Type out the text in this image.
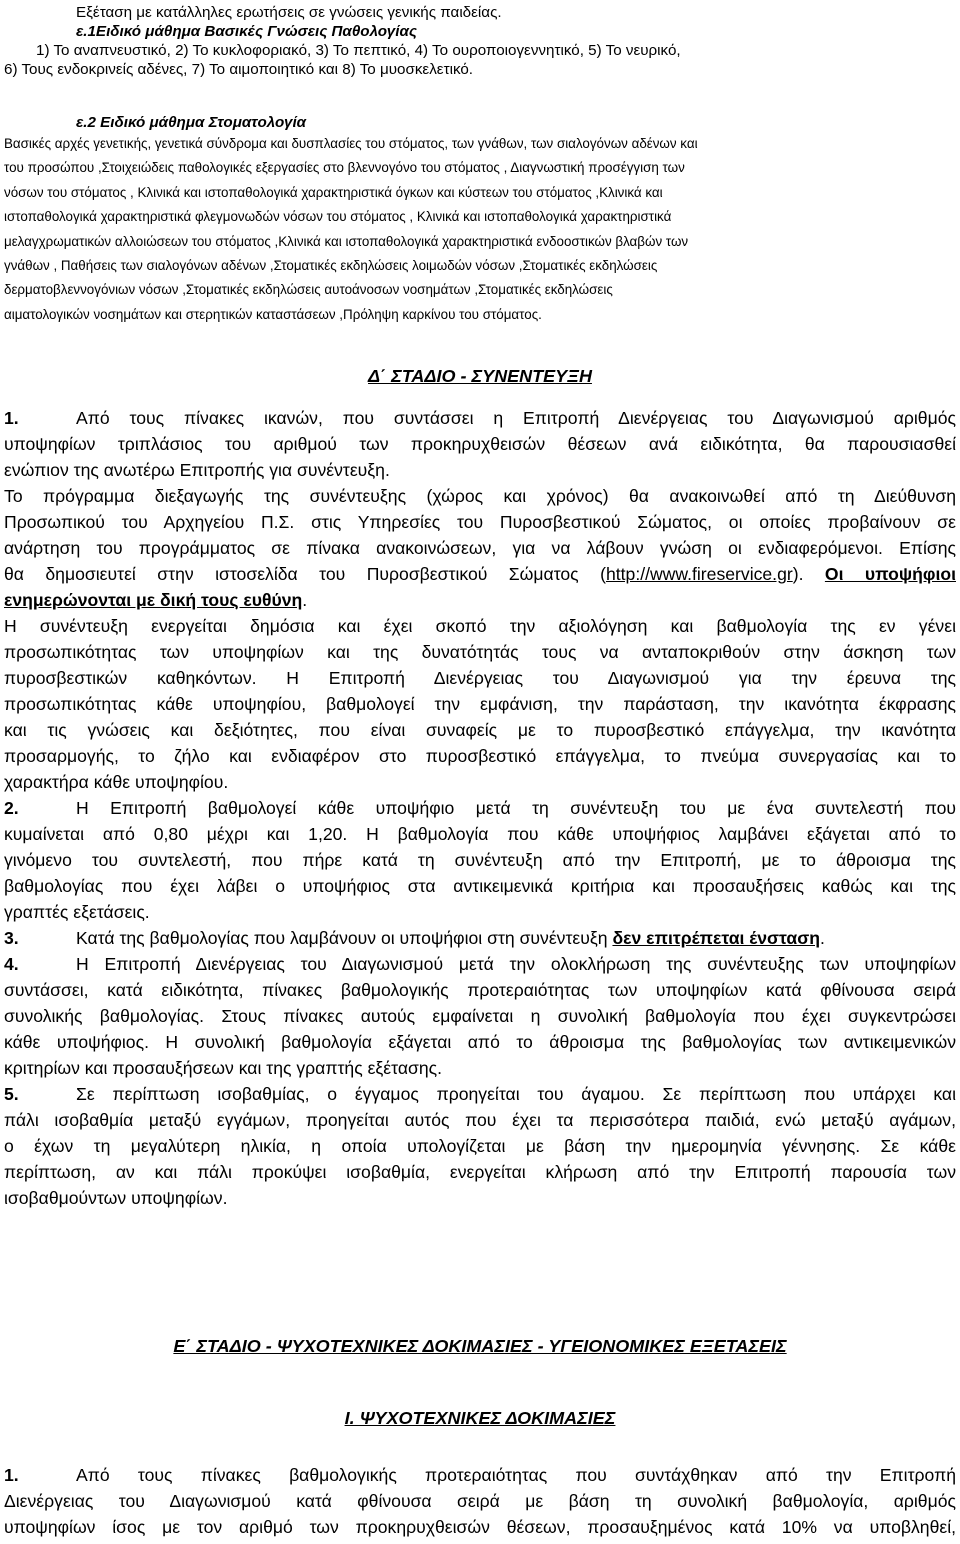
Εξέταση με κατάλληλες ερωτήσεις σε γνώσεις γενικής παιδείας.
ε.1Ειδικό μάθημα Βασικές Γνώσεις Παθολογίας
1) Το αναπνευστικό, 2) Το κυκλοφοριακό, 3) Το πεπτικό, 4) Το ουροποιογεννητικό, 5) Το νευρικό,
6) Τους ενδοκρινείς αδένες, 7) Το αιμοποιητικό και 8) Το μυοσκελετικό.
ε.2 Ειδικό μάθημα Στοματολογία
Βασικές αρχές γενετικής, γενετικά σύνδρομα και δυσπλασίες του στόματος, των γνάθων, των σιαλογόνων αδένων και
του προσώπου ,Στοιχειώδεις παθολογικές εξεργασίες στο βλεννογόνο του στόματος , Διαγνωστική προσέγγιση των
νόσων του στόματος , Κλινικά και ιστοπαθολογικά χαρακτηριστικά όγκων και κύστεων του στόματος ,Κλινικά και
ιστοπαθολογικά χαρακτηριστικά φλεγμονωδών νόσων του στόματος , Κλινικά και ιστοπαθολογικά χαρακτηριστικά
μελαγχρωματικών αλλοιώσεων του στόματος ,Κλινικά και ιστοπαθολογικά χαρακτηριστικά ενδοοστικών βλαβών των
γνάθων , Παθήσεις των σιαλογόνων αδένων ,Στοματικές εκδηλώσεις λοιμωδών νόσων ,Στοματικές εκδηλώσεις
δερματοβλεννογόνιων νόσων ,Στοματικές εκδηλώσεις αυτοάνοσων νοσημάτων ,Στοματικές εκδηλώσεις
αιματολογικών νοσημάτων και στερητικών καταστάσεων ,Πρόληψη καρκίνου του στόματος.
Δ΄ ΣΤΑΔΙΟ - ΣΥΝΕΝΤΕΥΞΗ
1.	Από τους πίνακες ικανών, που συντάσσει η Επιτροπή Διενέργειας του Διαγωνισμού αριθμός
υποψηφίων τριπλάσιος του αριθμού των προκηρυχθεισών θέσεων ανά ειδικότητα, θα παρουσιασθεί
ενώπιον της ανωτέρω Επιτροπής για συνέντευξη.
Το πρόγραμμα διεξαγωγής της συνέντευξης (χώρος και χρόνος) θα ανακοινωθεί από τη Διεύθυνση
Προσωπικού του Αρχηγείου Π.Σ. στις Υπηρεσίες του Πυροσβεστικού Σώματος, οι οποίες προβαίνουν σε
ανάρτηση του προγράμματος σε πίνακα ανακοινώσεων, για να λάβουν γνώση οι ενδιαφερόμενοι. Επίσης
θα δημοσιευτεί στην ιστοσελίδα του Πυροσβεστικού Σώματος (http://www.fireservice.gr). Οι υποψήφιοι
ενημερώνονται με δική τους ευθύνη.
Η συνέντευξη ενεργείται δημόσια και έχει σκοπό την αξιολόγηση και βαθμολογία της εν γένει
προσωπικότητας των υποψηφίων και της δυνατότητάς τους να ανταποκριθούν στην άσκηση των
πυροσβεστικών καθηκόντων. Η Επιτροπή Διενέργειας του Διαγωνισμού για την έρευνα της
προσωπικότητας κάθε υποψηφίου, βαθμολογεί την εμφάνιση, την παράσταση, την ικανότητα έκφρασης
και τις γνώσεις και δεξιότητες, που είναι συναφείς με το πυροσβεστικό επάγγελμα, την ικανότητα
προσαρμογής, το ζήλο και ενδιαφέρον στο πυροσβεστικό επάγγελμα, το πνεύμα συνεργασίας και το
χαρακτήρα κάθε υποψηφίου.
2.	Η Επιτροπή βαθμολογεί κάθε υποψήφιο μετά τη συνέντευξη του με ένα συντελεστή που
κυμαίνεται από 0,80 μέχρι και 1,20. Η βαθμολογία που κάθε υποψήφιος λαμβάνει εξάγεται από το
γινόμενο του συντελεστή, που πήρε κατά τη συνέντευξη από την Επιτροπή, με το άθροισμα της
βαθμολογίας που έχει λάβει ο υποψήφιος στα αντικειμενικά κριτήρια και προσαυξήσεις καθώς και της
γραπτές εξετάσεις.
3.	Κατά της βαθμολογίας που λαμβάνουν οι υποψήφιοι στη συνέντευξη δεν επιτρέπεται ένσταση.
4.	Η Επιτροπή Διενέργειας του Διαγωνισμού μετά την ολοκλήρωση της συνέντευξης των υποψηφίων
συντάσσει, κατά ειδικότητα, πίνακες βαθμολογικής προτεραιότητας των υποψηφίων κατά φθίνουσα σειρά
συνολικής βαθμολογίας. Στους πίνακες αυτούς εμφαίνεται η συνολική βαθμολογία που έχει συγκεντρώσει
κάθε υποψήφιος. Η συνολική βαθμολογία εξάγεται από το άθροισμα της βαθμολογίας των αντικειμενικών
κριτηρίων και προσαυξήσεων και της γραπτής εξέτασης.
5.	Σε περίπτωση ισοβαθμίας, ο έγγαμος προηγείται του άγαμου. Σε περίπτωση που υπάρχει και
πάλι ισοβαθμία μεταξύ εγγάμων, προηγείται αυτός που έχει τα περισσότερα παιδιά, ενώ μεταξύ αγάμων,
ο έχων τη μεγαλύτερη ηλικία, η οποία υπολογίζεται με βάση την ημερομηνία γέννησης. Σε κάθε
περίπτωση, αν και πάλι προκύψει ισοβαθμία, ενεργείται κλήρωση από την Επιτροπή παρουσία των
ισοβαθμούντων υποψηφίων.
Ε΄ ΣΤΑΔΙΟ - ΨΥΧΟΤΕΧΝΙΚΕΣ ΔΟΚΙΜΑΣΙΕΣ - ΥΓΕΙΟΝΟΜΙΚΕΣ ΕΞΕΤΑΣΕΙΣ
Ι. ΨΥΧΟΤΕΧΝΙΚΕΣ ΔΟΚΙΜΑΣΙΕΣ
1.	Από τους πίνακες βαθμολογικής προτεραιότητας που συντάχθηκαν από την Επιτροπή
Διενέργειας του Διαγωνισμού κατά φθίνουσα σειρά με βάση τη συνολική βαθμολογία, αριθμός
υποψηφίων ίσος με τον αριθμό των προκηρυχθεισών θέσεων, προσαυξημένος κατά 10% να υποβληθεί,
